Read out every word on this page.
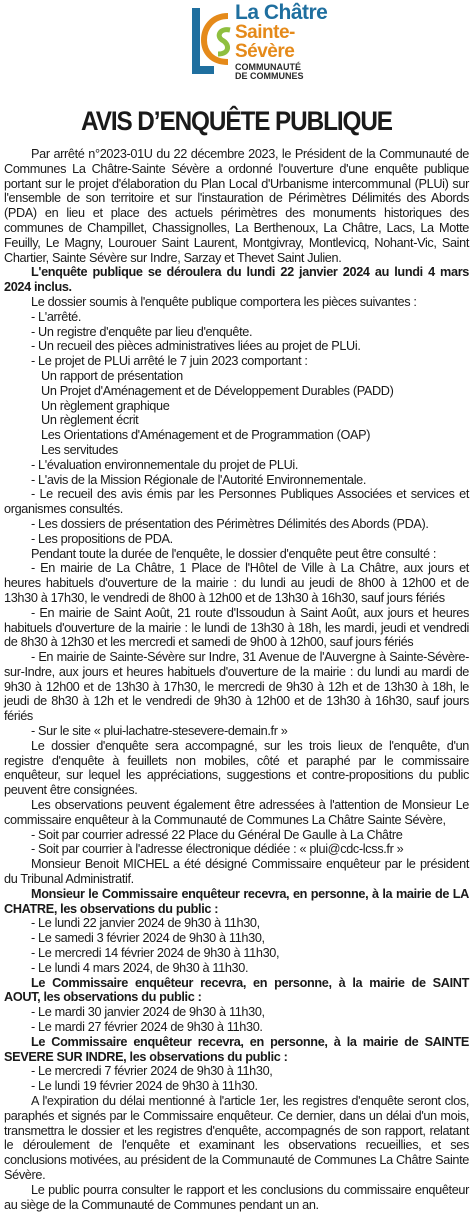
La Châtre
Sainte-
Sévère
COMMUNAUTÉ DE COMMUNES
AVIS D’ENQUÊTE PUBLIQUE

Par arrêté n°2023-01U du 22 décembre 2023, le Président de la Communauté de Communes La Châtre-Sainte Sévère a ordonné l'ouverture d'une enquête publique portant sur le projet d'élaboration du Plan Local d'Urbanisme intercommunal (PLUi) sur l'ensemble de son territoire et sur l'instauration de Périmètres Délimités des Abords (PDA) en lieu et place des actuels périmètres des monuments historiques des communes de Champillet, Chassignolles, La Berthenoux, La Châtre, Lacs, La Motte Feuilly, Le Magny, Lourouer Saint Laurent, Montgivray, Montlevicq, Nohant-Vic, Saint Chartier, Sainte Sévère sur Indre, Sarzay et Thevet Saint Julien.

L'enquête publique se déroulera du lundi 22 janvier 2024 au lundi 4 mars 2024 inclus.

Le dossier soumis à l'enquête publique comportera les pièces suivantes :

- L'arrêté.

- Un registre d'enquête par lieu d'enquête.

- Un recueil des pièces administratives liées au projet de PLUi.

- Le projet de PLUi arrêté le 7 juin 2023 comportant :

Un rapport de présentation

Un Projet d'Aménagement et de Développement Durables (PADD)

Un règlement graphique

Un règlement écrit

Les Orientations d'Aménagement et de Programmation (OAP)

Les servitudes

- L'évaluation environnementale du projet de PLUi.

- L'avis de la Mission Régionale de l'Autorité Environnementale.

- Le recueil des avis émis par les Personnes Publiques Associées et services et organismes consultés.

- Les dossiers de présentation des Périmètres Délimités des Abords (PDA).

- Les propositions de PDA.

Pendant toute la durée de l'enquête, le dossier d'enquête peut être consulté :

- En mairie de La Châtre, 1 Place de l'Hôtel de Ville à La Châtre, aux jours et heures habituels d'ouverture de la mairie : du lundi au jeudi de 8h00 à 12h00 et de 13h30 à 17h30, le vendredi de 8h00 à 12h00 et de 13h30 à 16h30, sauf jours fériés

- En mairie de Saint Août, 21 route d'Issoudun à Saint Août, aux jours et heures habituels d'ouverture de la mairie : le lundi de 13h30 à 18h, les mardi, jeudi et vendredi de 8h30 à 12h30 et les mercredi et samedi de 9h00 à 12h00, sauf jours fériés

- En mairie de Sainte-Sévère sur Indre, 31 Avenue de l'Auvergne à Sainte-Sévère-sur-Indre, aux jours et heures habituels d'ouverture de la mairie : du lundi au mardi de 9h30 à 12h00 et de 13h30 à 17h30, le mercredi de 9h30 à 12h et de 13h30 à 18h, le jeudi de 8h30 à 12h et le vendredi de 9h30 à 12h00 et de 13h30 à 16h30, sauf jours fériés

- Sur le site « plui-lachatre-stesevere-demain.fr »

Le dossier d'enquête sera accompagné, sur les trois lieux de l'enquête, d'un registre d'enquête à feuillets non mobiles, côté et paraphé par le commissaire enquêteur, sur lequel les appréciations, suggestions et contre-propositions du public peuvent être consignées.

Les observations peuvent également être adressées à l'attention de Monsieur Le commissaire enquêteur à la Communauté de Communes La Châtre Sainte Sévère,

- Soit par courrier adressé 22 Place du Général De Gaulle à La Châtre

- Soit par courrier à l'adresse électronique dédiée : « plui@cdc-lcss.fr »

Monsieur Benoit MICHEL a été désigné Commissaire enquêteur par le président du Tribunal Administratif.

Monsieur le Commissaire enquêteur recevra, en personne, à la mairie de LA CHATRE, les observations du public :

- Le lundi 22 janvier 2024 de 9h30 à 11h30,

- Le samedi 3 février 2024 de 9h30 à 11h30,

- Le mercredi 14 février 2024 de 9h30 à 11h30,

- Le lundi 4 mars 2024, de 9h30 à 11h30.

Le Commissaire enquêteur recevra, en personne, à la mairie de SAINT AOUT, les observations du public :

- Le mardi 30 janvier 2024 de 9h30 à 11h30,

- Le mardi 27 février 2024 de 9h30 à 11h30.

Le Commissaire enquêteur recevra, en personne, à la mairie de SAINTE SEVERE SUR INDRE, les observations du public :

- Le mercredi 7 février 2024 de 9h30 à 11h30,

- Le lundi 19 février 2024 de 9h30 à 11h30.

A l'expiration du délai mentionné à l'article 1er, les registres d'enquête seront clos, paraphés et signés par le Commissaire enquêteur. Ce dernier, dans un délai d'un mois, transmettra le dossier et les registres d'enquête, accompagnés de son rapport, relatant le déroulement de l'enquête et examinant les observations recueillies, et ses conclusions motivées, au président de la Communauté de Communes La Châtre Sainte Sévère.

Le public pourra consulter le rapport et les conclusions du commissaire enquêteur au siège de la Communauté de Communes pendant un an.
